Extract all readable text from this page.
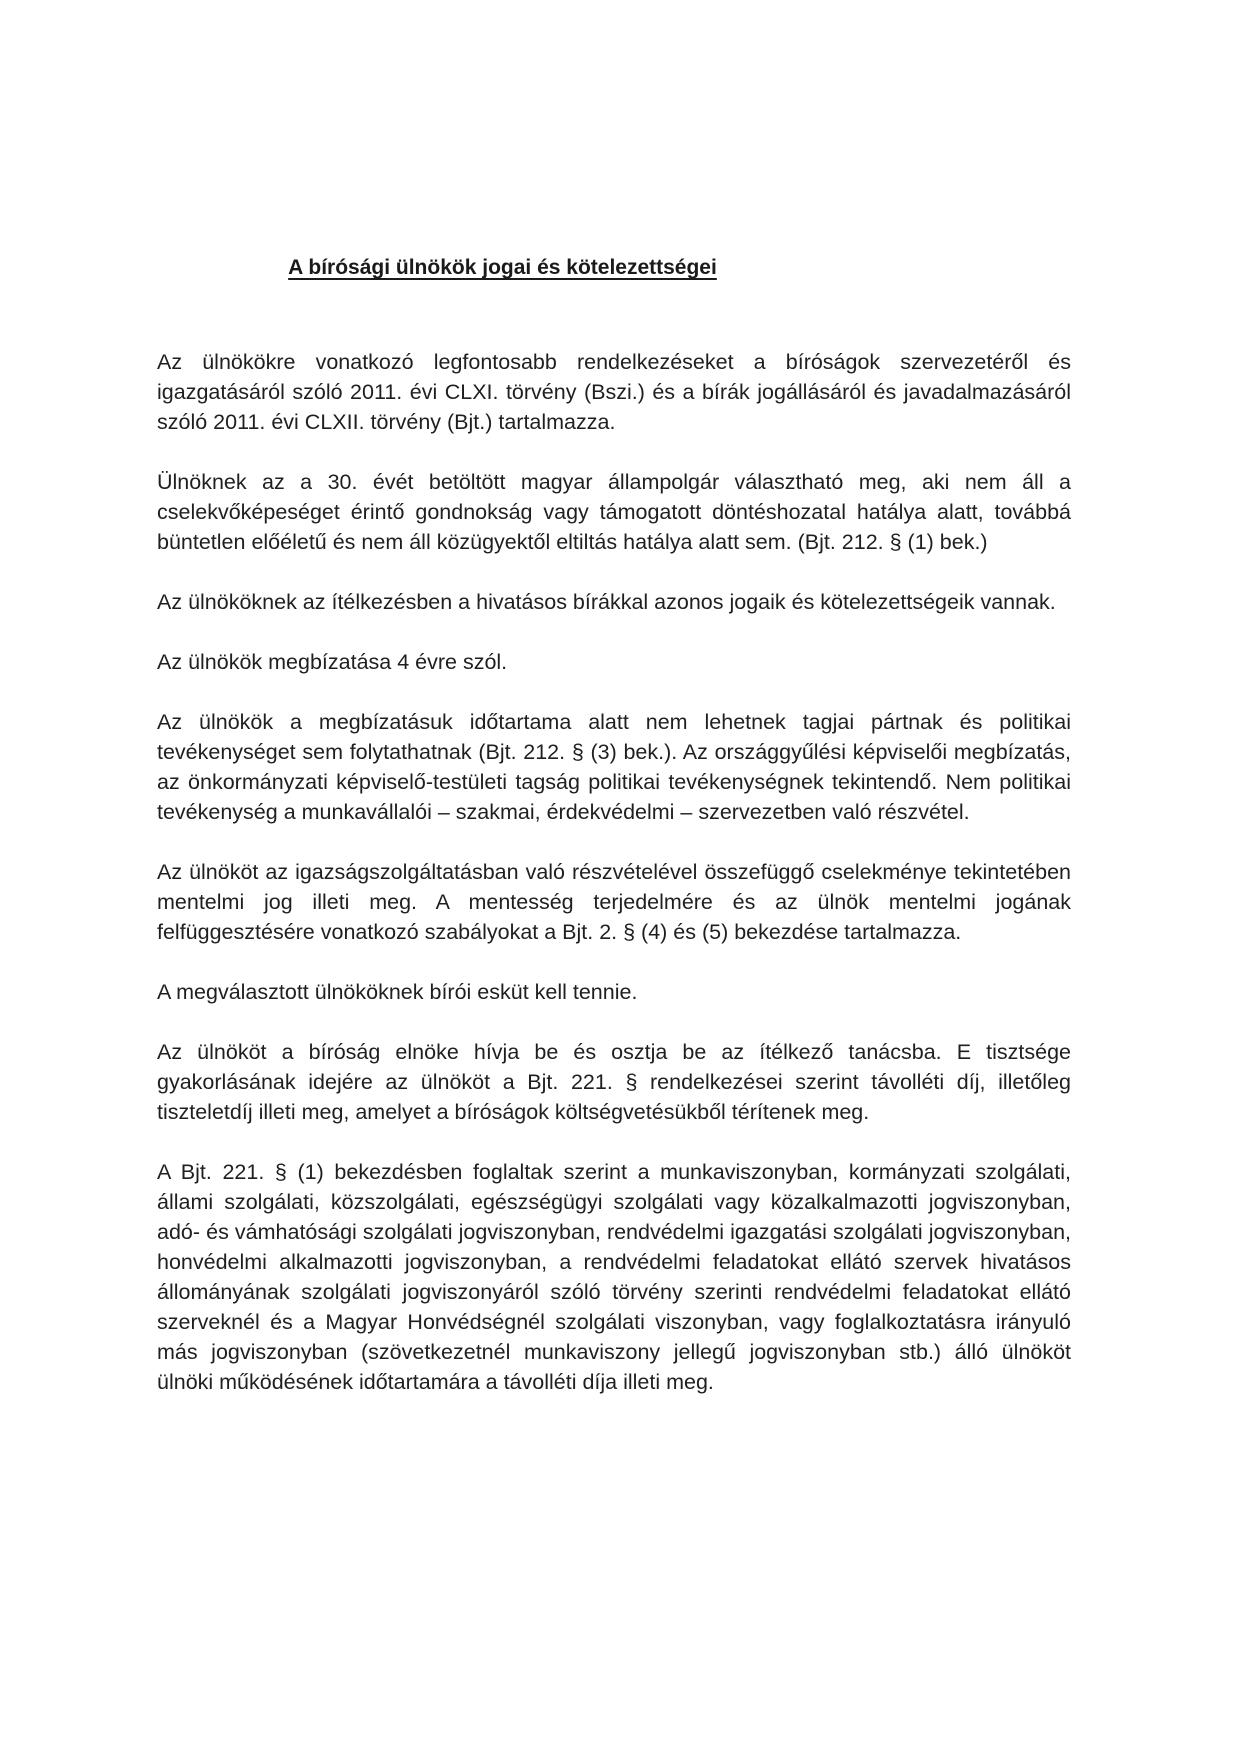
A bírósági ülnökök jogai és kötelezettségei

Az ülnökökre vonatkozó legfontosabb rendelkezéseket a bíróságok szervezetéről és igazgatásáról szóló 2011. évi CLXI. törvény (Bszi.) és a bírák jogállásáról és javadalmazásáról szóló 2011. évi CLXII. törvény (Bjt.) tartalmazza.

Ülnöknek az a 30. évét betöltött magyar állampolgár választható meg, aki nem áll a cselekvőképeséget érintő gondnokság vagy támogatott döntéshozatal hatálya alatt, továbbá büntetlen előéletű és nem áll közügyektől eltiltás hatálya alatt sem. (Bjt. 212. § (1) bek.)

Az ülnököknek az ítélkezésben a hivatásos bírákkal azonos jogaik és kötelezettségeik vannak.

Az ülnökök megbízatása 4 évre szól.

Az ülnökök a megbízatásuk időtartama alatt nem lehetnek tagjai pártnak és politikai tevékenységet sem folytathatnak (Bjt. 212. § (3) bek.). Az országgyűlési képviselői megbízatás, az önkormányzati képviselő-testületi tagság politikai tevékenységnek tekintendő. Nem politikai tevékenység a munkavállalói – szakmai, érdekvédelmi – szervezetben való részvétel.

Az ülnököt az igazságszolgáltatásban való részvételével összefüggő cselekménye tekintetében mentelmi jog illeti meg. A mentesség terjedelmére és az ülnök mentelmi jogának felfüggesztésére vonatkozó szabályokat a Bjt. 2. § (4) és (5) bekezdése tartalmazza.

A megválasztott ülnököknek bírói esküt kell tennie.

Az ülnököt a bíróság elnöke hívja be és osztja be az ítélkező tanácsba. E tisztsége gyakorlásának idejére az ülnököt a Bjt. 221. § rendelkezései szerint távolléti díj, illetőleg tiszteletdíj illeti meg, amelyet a bíróságok költségvetésükből térítenek meg.

A Bjt. 221. § (1) bekezdésben foglaltak szerint a munkaviszonyban, kormányzati szolgálati, állami szolgálati, közszolgálati, egészségügyi szolgálati vagy közalkalmazotti jogviszonyban, adó- és vámhatósági szolgálati jogviszonyban, rendvédelmi igazgatási szolgálati jogviszonyban, honvédelmi alkalmazotti jogviszonyban, a rendvédelmi feladatokat ellátó szervek hivatásos állományának szolgálati jogviszonyáról szóló törvény szerinti rendvédelmi feladatokat ellátó szerveknél és a Magyar Honvédségnél szolgálati viszonyban, vagy foglalkoztatásra irányuló más jogviszonyban (szövetkezetnél munkaviszony jellegű jogviszonyban stb.) álló ülnököt ülnöki működésének időtartamára a távolléti díja illeti meg.
